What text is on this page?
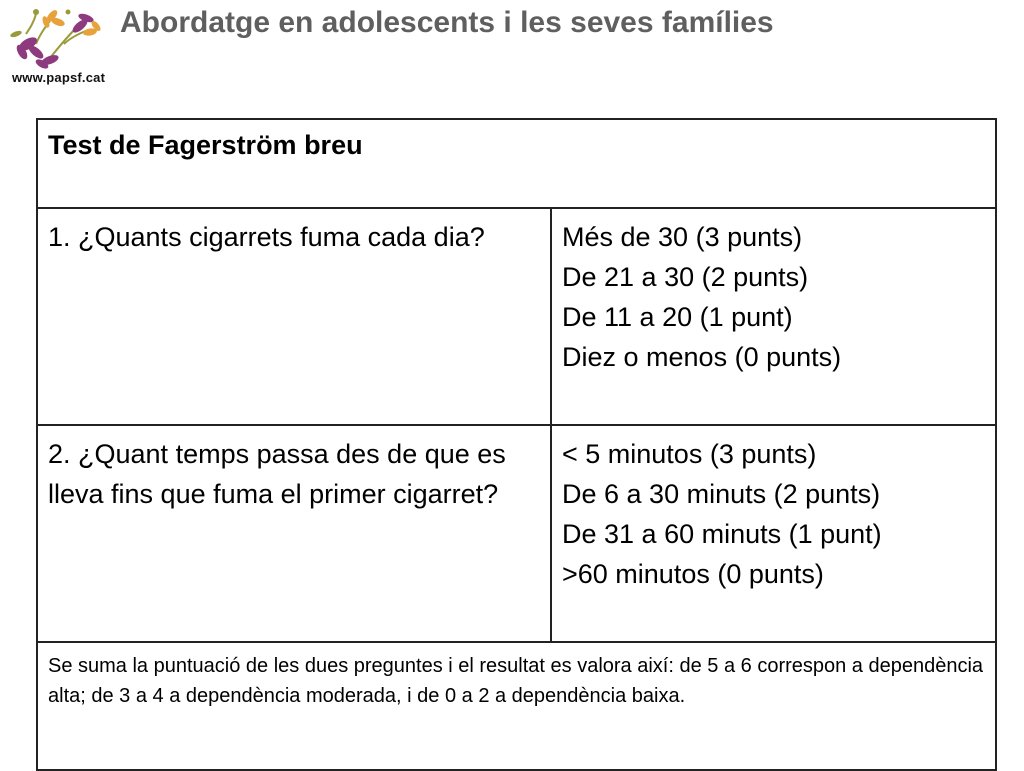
www.papsf.cat
Abordatge en adolescents i les seves famílies
Test de Fagerström breu	
1. ¿Quants cigarrets fuma cada dia?	Més de 30 (3 punts)
De 21 a 30 (2 punts)
De 11 a 20 (1 punt)
Diez o menos (0 punts)

2. ¿Quant temps passa des de que es lleva fins que fuma el primer cigarret?	< 5 minutos (3 punts)
De 6 a 30 minuts (2 punts)
De 31 a 60 minuts (1 punt)
>60 minutos (0 punts)

Se suma la puntuació de les dues preguntes i el resultat es valora així: de 5 a 6 correspon a dependència alta; de 3 a 4 a dependència moderada, i de 0 a 2 a dependència baixa.	
